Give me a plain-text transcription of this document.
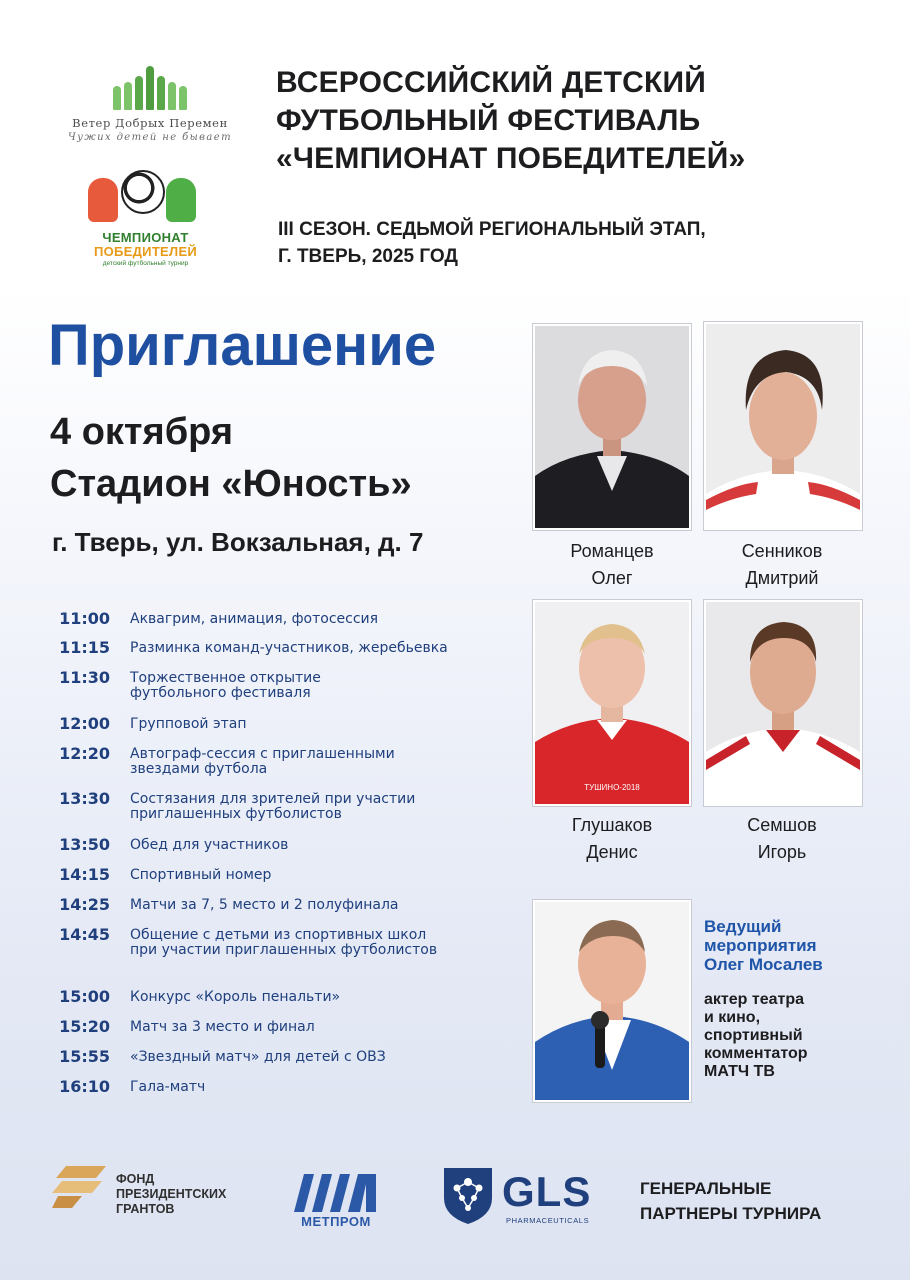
Ветер Добрых Перемен
Чужих детей не бывает
ЧЕМПИОНАТ
ПОБЕДИТЕЛЕЙ
детский футбольный турнир
ВСЕРОССИЙСКИЙ ДЕТСКИЙ
ФУТБОЛЬНЫЙ ФЕСТИВАЛЬ
«ЧЕМПИОНАТ ПОБЕДИТЕЛЕЙ»
III СЕЗОН. СЕДЬМОЙ РЕГИОНАЛЬНЫЙ ЭТАП,
Г. ТВЕРЬ, 2025 ГОД
Приглашение
4 октября
Стадион «Юность»
г. Тверь, ул. Вокзальная, д. 7
11:00 Аквагрим, анимация, фотосессия
11:15 Разминка команд-участников, жеребьевка
11:30 Торжественное открытие футбольного фестиваля
12:00 Групповой этап
12:20 Автограф-сессия с приглашенными звездами футбола
13:30 Состязания для зрителей при участии приглашенных футболистов
13:50 Обед для участников
14:15 Спортивный номер
14:25 Матчи за 7, 5 место и 2 полуфинала
14:45 Общение с детьми из спортивных школ при участии приглашенных футболистов
15:00 Конкурс «Король пенальти»
15:20 Матч за 3 место и финал
15:55 «Звездный матч» для детей с ОВЗ
16:10 Гала-матч
Романцев
Олег
Сенников
Дмитрий
ТУШИНО-2018
Глушаков
Денис
Семшов
Игорь
Ведущий
мероприятия
Олег Мосалев
актер театра
и кино,
спортивный
комментатор
МАТЧ ТВ
ФОНД
ПРЕЗИДЕНТСКИХ
ГРАНТОВ
МЕТПРОМ
GLS
PHARMACEUTICALS
ГЕНЕРАЛЬНЫЕ
ПАРТНЕРЫ ТУРНИРА
